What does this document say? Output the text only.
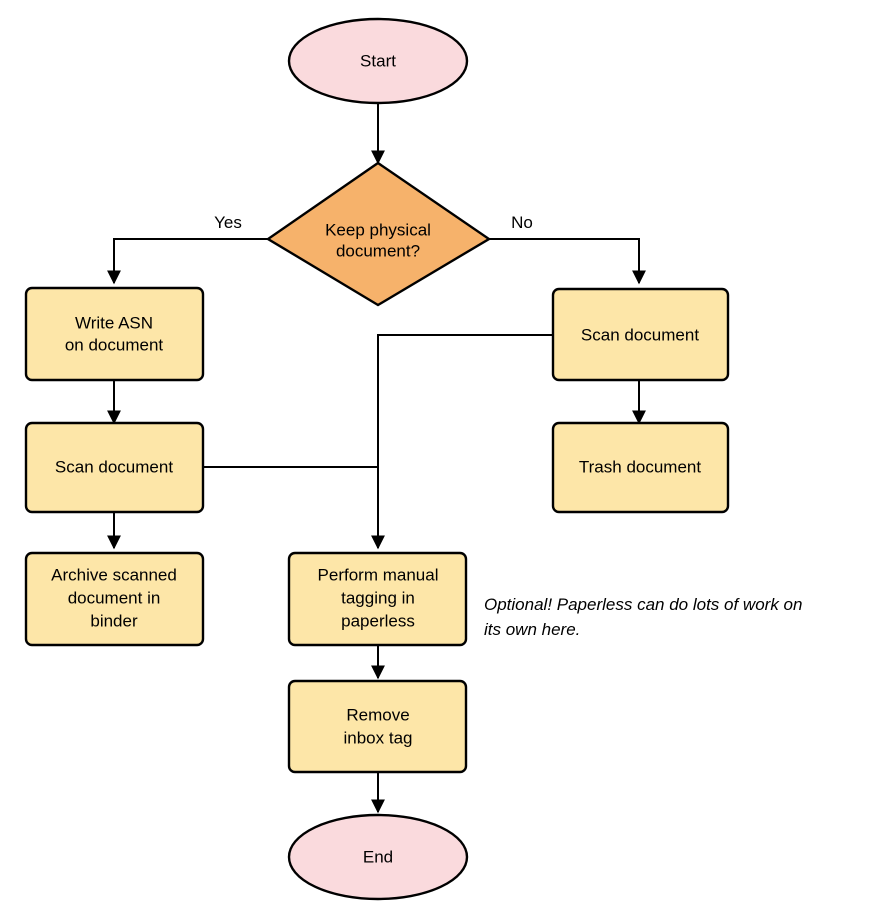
Start
Keep physical
document?
Yes	No
Write ASN
on document
Scan document
Archive scanned
document in
binder
Scan document
Trash document
Perform manual
tagging in
paperless
Remove
inbox tag
End
Optional! Paperless can do lots of work on
its own here.
